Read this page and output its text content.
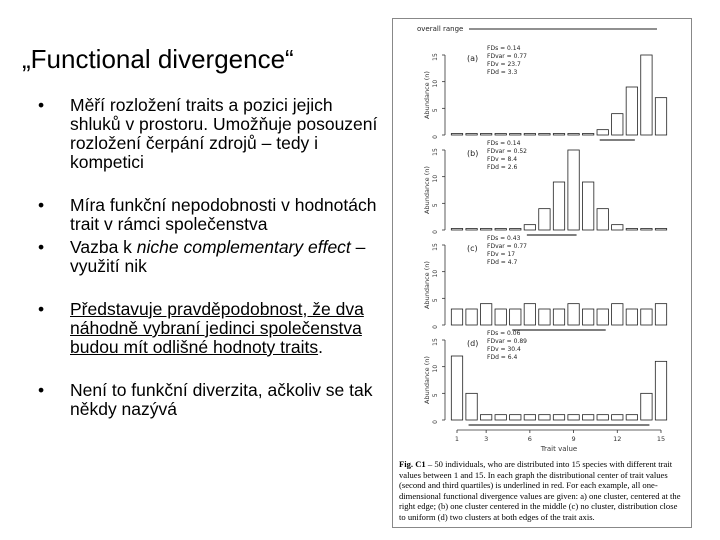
„Functional divergence“
• Měří rozložení traits a pozici jejich shluků v prostoru. Umožňuje posouzení rozložení čerpání zdrojů – tedy i kompetici
• Míra funkční nepodobnosti v hodnotách trait v rámci společenstva
• Vazba k niche complementary effect – využití nik
• Představuje pravděpodobnost, že dva náhodně vybraní jedinci společenstva budou mít odlišné hodnoty traits.
• Není to funkční diverzita, ačkoliv se tak někdy nazývá
overall range
0
5
10
15
Abundance (n)
(a)
FDs = 0.14
FDvar = 0.77
FDv = 23.7
FDd = 3.3
0
5
10
15
Abundance (n)
(b)
FDs = 0.14
FDvar = 0.52
FDv = 8.4
FDd = 2.6
0
5
10
15
Abundance (n)
(c)
FDs = 0.43
FDvar = 0.77
FDv = 17
FDd = 4.7
0
5
10
15
Abundance (n)
(d)
FDs = 0.06
FDvar = 0.89
FDv = 30.4
FDd = 6.4
1	3	6	9	12	15
Trait value
Fig. C1 – 50 individuals, who are distributed into 15 species with different trait values between 1 and 15. In each graph the distributional center of trait values (second and third quartiles) is underlined in red. For each example, all one-dimensional functional divergence values are given: a) one cluster, centered at the right edge; (b) one cluster centered in the middle (c) no cluster, distribution close to uniform (d) two clusters at both edges of the trait axis.
